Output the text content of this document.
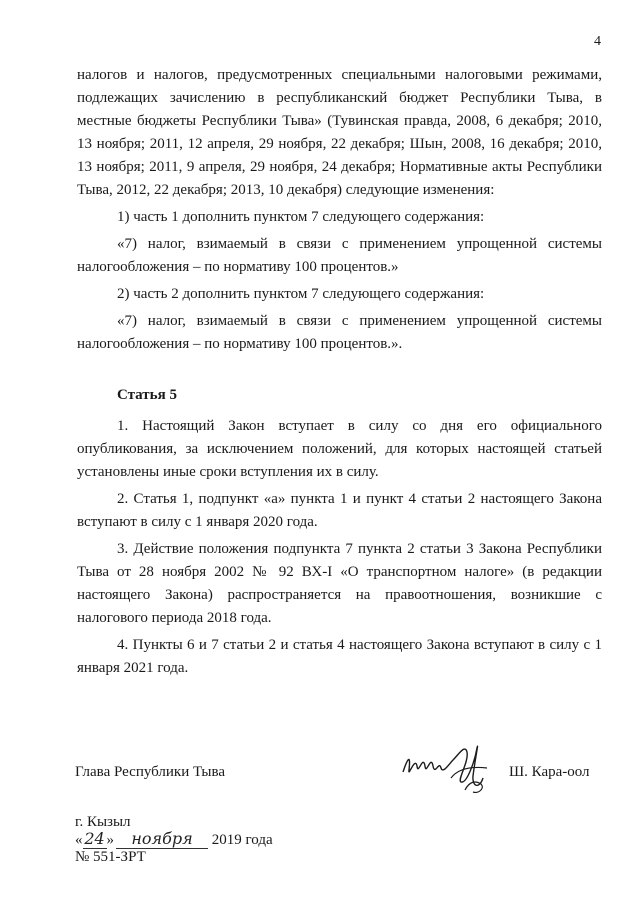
4

налогов и налогов, предусмотренных специальными налоговыми режимами, подлежащих зачислению в республиканский бюджет Республики Тыва, в местные бюджеты Республики Тыва» (Тувинская правда, 2008, 6 декабря; 2010, 13 ноября; 2011, 12 апреля, 29 ноября, 22 декабря; Шын, 2008, 16 декабря; 2010, 13 ноября; 2011, 9 апреля, 29 ноября, 24 декабря; Нормативные акты Республики Тыва, 2012, 22 декабря; 2013, 10 декабря) следующие изменения:

1) часть 1 дополнить пунктом 7 следующего содержания:

«7) налог, взимаемый в связи с применением упрощенной системы налогообложения – по нормативу 100 процентов.»

2) часть 2 дополнить пунктом 7 следующего содержания:

«7) налог, взимаемый в связи с применением упрощенной системы налогообложения – по нормативу 100 процентов.».

Статья 5

1. Настоящий Закон вступает в силу со дня его официального опубликования, за исключением положений, для которых настоящей статьей установлены иные сроки вступления их в силу.

2. Статья 1, подпункт «а» пункта 1 и пункт 4 статьи 2 настоящего Закона вступают в силу с 1 января 2020 года.

3. Действие положения подпункта 7 пункта 2 статьи 3 Закона Республики Тыва от 28 ноября 2002 № 92 ВХ-I «О транспортном налоге» (в редакции настоящего Закона) распространяется на правоотношения, возникшие с налогового периода 2018 года.

4. Пункты 6 и 7 статьи 2 и статья 4 настоящего Закона вступают в силу с 1 января 2021 года.

Глава Республики Тыва	Ш. Кара-оол
г. Кызыл
« 24 » ноября 2019 года
№ 551-ЗРТ
